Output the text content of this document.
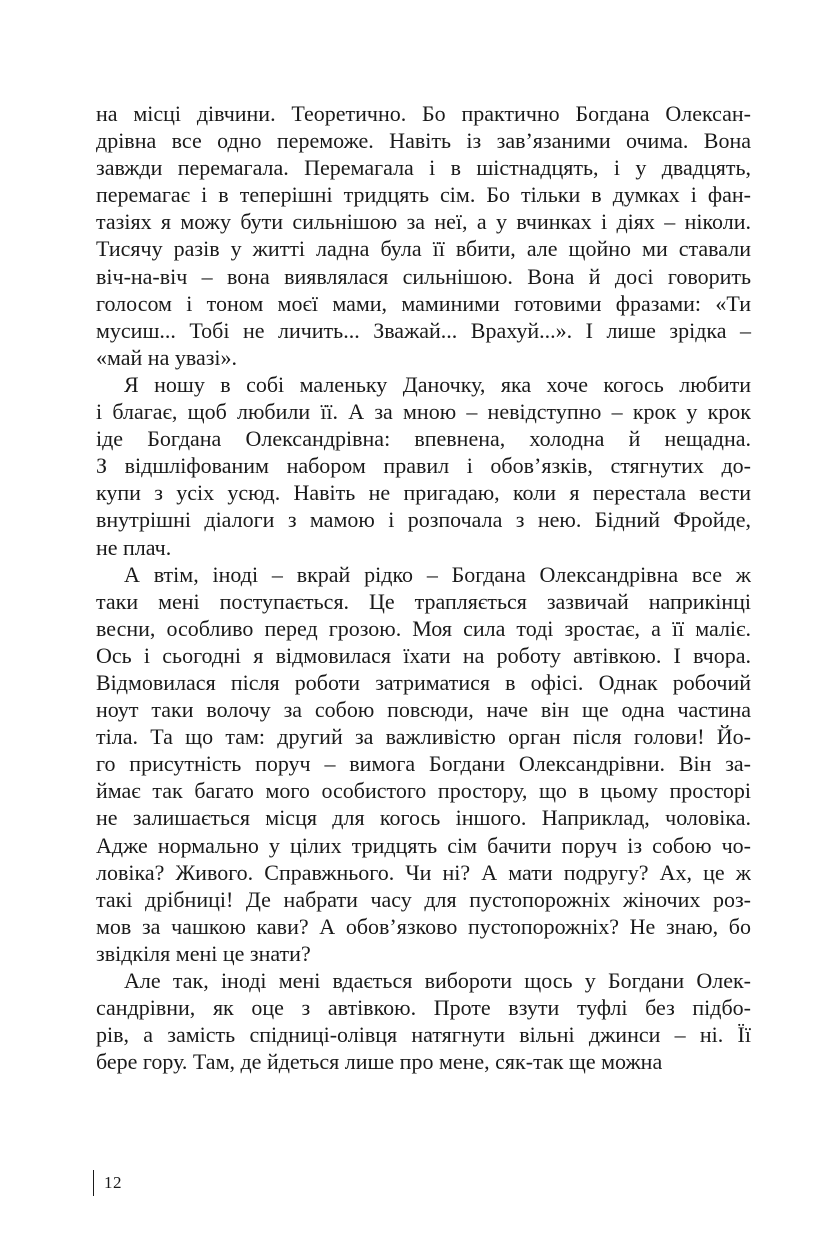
на місці дівчини. Теоретично. Бо практично Богдана Олексан-
дрівна все одно переможе. Навіть із зав’язаними очима. Вона
завжди перемагала. Перемагала і в шістнадцять, і у двадцять,
перемагає і в теперішні тридцять сім. Бо тільки в думках і фан-
тазіях я можу бути сильнішою за неї, а у вчинках і діях – ніколи.
Тисячу разів у житті ладна була її вбити, але щойно ми ставали
віч-на-віч – вона виявлялася сильнішою. Вона й досі говорить
голосом і тоном моєї мами, маминими готовими фразами: «Ти
мусиш... Тобі не личить... Зважай... Врахуй...». І лише зрідка –
«май на увазі».
Я ношу в собі маленьку Даночку, яка хоче когось любити
і благає, щоб любили її. А за мною – невідступно – крок у крок
іде Богдана Олександрівна: впевнена, холодна й нещадна.
З відшліфованим набором правил і обов’язків, стягнутих до-
купи з усіх усюд. Навіть не пригадаю, коли я перестала вести
внутрішні діалоги з мамою і розпочала з нею. Бідний Фройде,
не плач.
А втім, іноді – вкрай рідко – Богдана Олександрівна все ж
таки мені поступається. Це трапляється зазвичай наприкінці
весни, особливо перед грозою. Моя сила тоді зростає, а її маліє.
Ось і сьогодні я відмовилася їхати на роботу автівкою. І вчора.
Відмовилася після роботи затриматися в офісі. Однак робочий
ноут таки волочу за собою повсюди, наче він ще одна частина
тіла. Та що там: другий за важливістю орган після голови! Йо-
го присутність поруч – вимога Богдани Олександрівни. Він за-
ймає так багато мого особистого простору, що в цьому просторі
не залишається місця для когось іншого. Наприклад, чоловіка.
Адже нормально у цілих тридцять сім бачити поруч із собою чо-
ловіка? Живого. Справжнього. Чи ні? А мати подругу? Ах, це ж
такі дрібниці! Де набрати часу для пустопорожніх жіночих роз-
мов за чашкою кави? А обов’язково пустопорожніх? Не знаю, бо
звідкіля мені це знати?
Але так, іноді мені вдається вибороти щось у Богдани Олек-
сандрівни, як оце з автівкою. Проте взути туфлі без підбо-
рів, а замість спідниці-олівця натягнути вільні джинси – ні. Її
бере гору. Там, де йдеться лише про мене, сяк-так ще можна
12
